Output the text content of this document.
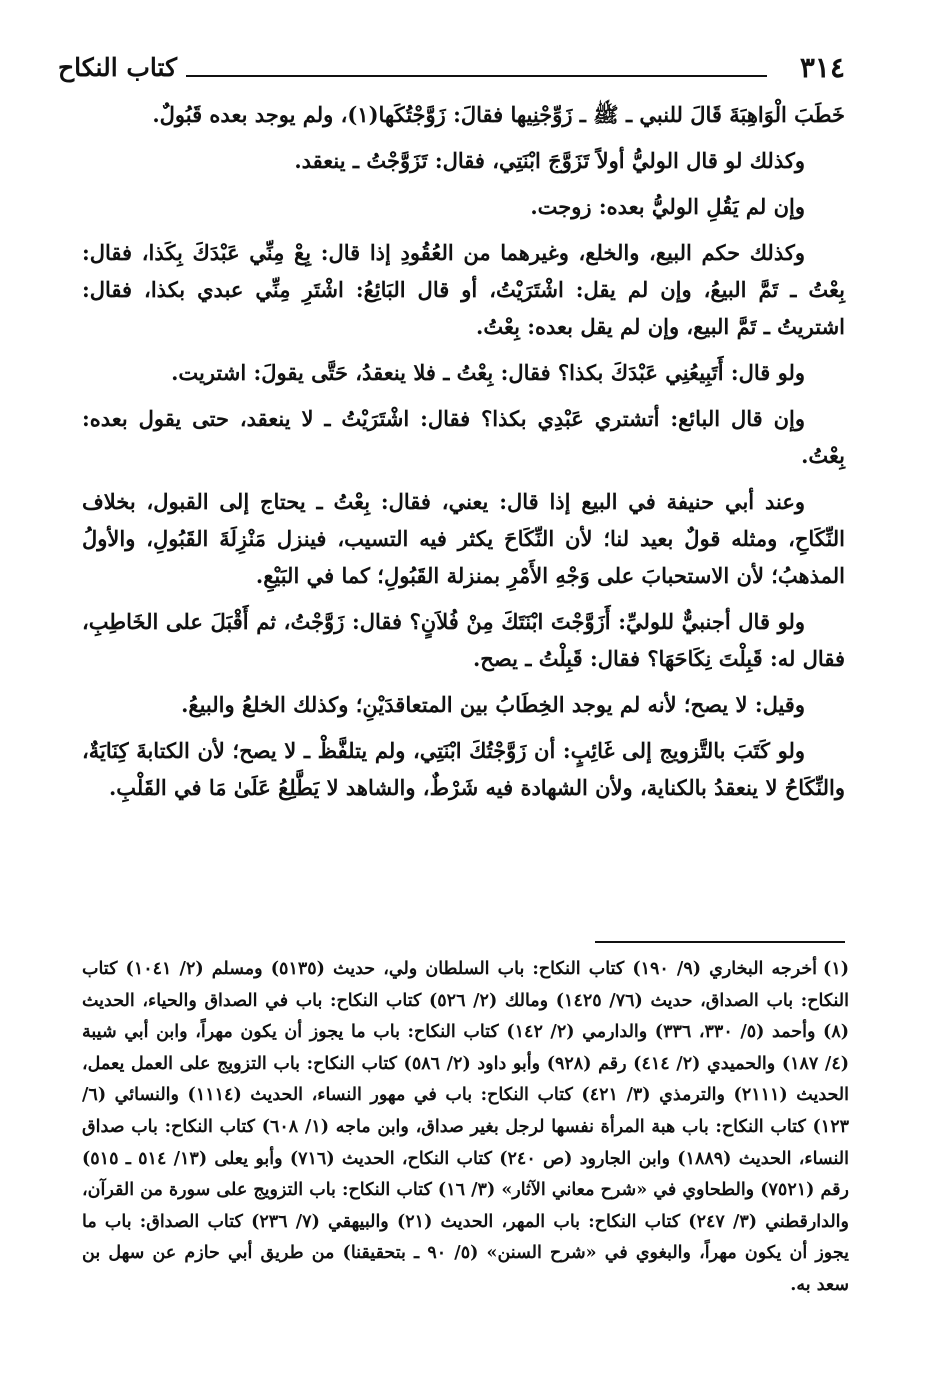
٣١٤
كتاب النكاح

خَطَبَ الْوَاهِبَةَ قَالَ للنبي ـ ﷺ ـ زَوِّجْنِيها فقالَ: زَوَّجْتُكَها(١)، ولم يوجد بعده قَبُولٌ.

وكذلك لو قال الوليُّ أولاً تَزَوَّجَ ابْنَتِي، فقال: تَزَوَّجْتُ ـ ينعقد.

وإن لم يَقُلِ الوليُّ بعده: زوجت.

وكذلك حكم البيع، والخلع، وغيرهما من العُقُودِ إذا قال: بِعْ مِنِّي عَبْدَكَ بِكَذا، فقال: بِعْتُ ـ تَمَّ البيعُ، وإن لم يقل: اشْتَرَيْتُ، أو قال البَائِعُ: اشْتَرِ مِنِّي عبدي بكذا، فقال: اشتريتُ ـ تَمَّ البيع، وإن لم يقل بعده: بِعْتُ.

ولو قال: أَتَبِيعُنِي عَبْدَكَ بكذا؟ فقال: بِعْتُ ـ فلا ينعقدُ، حَتَّى يقولَ: اشتريت.

وإن قال البائع: أتشتري عَبْدِي بكذا؟ فقال: اشْتَرَيْتُ ـ لا ينعقد، حتى يقول بعده: بِعْتُ.

وعند أبي حنيفة في البيع إذا قال: يعني، فقال: بِعْتُ ـ يحتاج إلى القبول، بخلاف النِّكَاحِ، ومثله قولٌ بعيد لنا؛ لأن النِّكَاحَ يكثر فيه التسيب، فينزل مَنْزِلَةَ القَبُولِ، والأولُ المذهبُ؛ لأن الاستحبابَ على وَجْهِ الأَمْرِ بمنزلة القَبُولِ؛ كما في البَيْعِ.

ولو قال أجنبيٌّ للوليِّ: أَزَوَّجْتَ ابْنَتَكَ مِنْ فُلاَنٍ؟ فقال: زَوَّجْتُ، ثم أَقْبَلَ على الخَاطِبِ، فقال له: قَبِلْتَ نِكَاحَهَا؟ فقال: قَبِلْتُ ـ يصح.

وقيل: لا يصح؛ لأنه لم يوجد الخِطَابُ بين المتعاقدَيْنِ؛ وكذلك الخلعُ والبيعُ.

ولو كَتَبَ بالتَّزويج إلى غَائِبٍ: أن زَوَّجْتُكَ ابْنَتِي، ولم يتلفَّظْ ـ لا يصح؛ لأن الكتابةَ كِنَايَةٌ، والنِّكَاحُ لا ينعقدُ بالكناية، ولأن الشهادة فيه شَرْطٌ، والشاهد لا يَطَّلِعُ عَلَىٰ مَا في القَلْبِ.

(١)أخرجه البخاري (٩/ ١٩٠) كتاب النكاح: باب السلطان ولي، حديث (٥١٣٥) ومسلم (٢/ ١٠٤١) كتاب النكاح: باب الصداق، حديث (٧٦/ ١٤٢٥) ومالك (٢/ ٥٢٦) كتاب النكاح: باب في الصداق والحياء، الحديث (٨) وأحمد (٥/ ٣٣٠، ٣٣٦) والدارمي (٢/ ١٤٢) كتاب النكاح: باب ما يجوز أن يكون مهراً، وابن أبي شيبة (٤/ ١٨٧) والحميدي (٢/ ٤١٤) رقم (٩٢٨) وأبو داود (٢/ ٥٨٦) كتاب النكاح: باب التزويج على العمل يعمل، الحديث (٢١١١) والترمذي (٣/ ٤٢١) كتاب النكاح: باب في مهور النساء، الحديث (١١١٤) والنسائي (٦/ ١٢٣) كتاب النكاح: باب هبة المرأة نفسها لرجل بغير صداق، وابن ماجه (١/ ٦٠٨) كتاب النكاح: باب صداق النساء، الحديث (١٨٨٩) وابن الجارود (ص ٢٤٠) كتاب النكاح، الحديث (٧١٦) وأبو يعلى (١٣/ ٥١٤ ـ ٥١٥) رقم (٧٥٢١) والطحاوي في «شرح معاني الآثار» (٣/ ١٦) كتاب النكاح: باب التزويج على سورة من القرآن، والدارقطني (٣/ ٢٤٧) كتاب النكاح: باب المهر، الحديث (٢١) والبيهقي (٧/ ٢٣٦) كتاب الصداق: باب ما يجوز أن يكون مهراً، والبغوي في «شرح السنن» (٥/ ٩٠ ـ بتحقيقنا) من طريق أبي حازم عن سهل بن سعد به.
